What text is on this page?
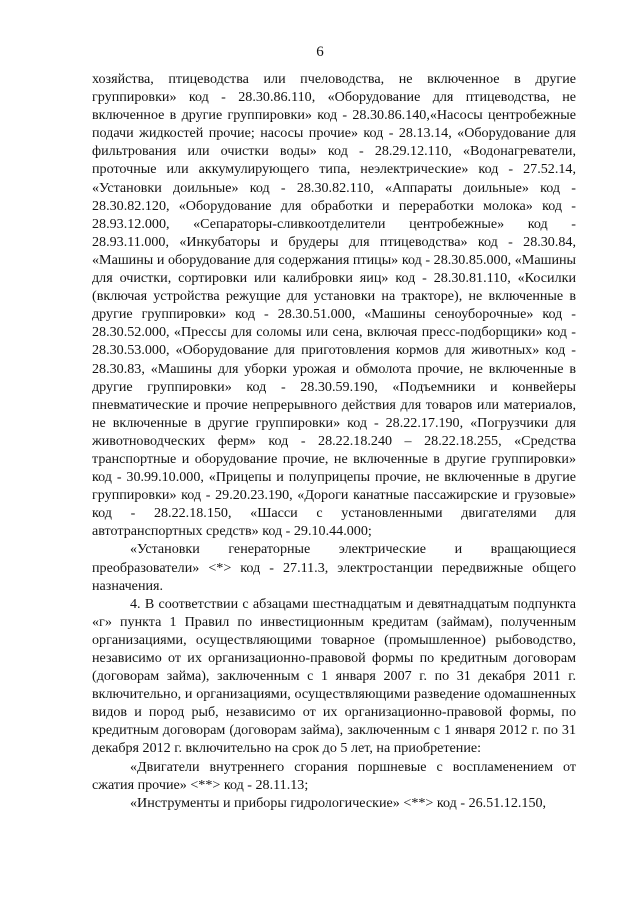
6

хозяйства, птицеводства или пчеловодства, не включенное в другие группировки» код - 28.30.86.110, «Оборудование для птицеводства, не включенное в другие группировки» код - 28.30.86.140,«Насосы центробежные подачи жидкостей прочие; насосы прочие» код - 28.13.14, «Оборудование для фильтрования или очистки воды» код - 28.29.12.110, «Водонагреватели, проточные или аккумулирующего типа, неэлектрические» код - 27.52.14, «Установки доильные» код - 28.30.82.110, «Аппараты доильные» код - 28.30.82.120, «Оборудование для обработки и переработки молока» код - 28.93.12.000, «Сепараторы-сливкоотделители центробежные» код - 28.93.11.000, «Инкубаторы и брудеры для птицеводства» код - 28.30.84, «Машины и оборудование для содержания птицы» код - 28.30.85.000, «Машины для очистки, сортировки или калибровки яиц» код - 28.30.81.110, «Косилки (включая устройства режущие для установки на тракторе), не включенные в другие группировки» код - 28.30.51.000, «Машины сеноуборочные» код - 28.30.52.000, «Прессы для соломы или сена, включая пресс-подборщики» код - 28.30.53.000, «Оборудование для приготовления кормов для животных» код - 28.30.83, «Машины для уборки урожая и обмолота прочие, не включенные в другие группировки» код - 28.30.59.190, «Подъемники и конвейеры пневматические и прочие непрерывного действия для товаров или материалов, не включенные в другие группировки» код - 28.22.17.190, «Погрузчики для животноводческих ферм» код - 28.22.18.240 – 28.22.18.255, «Средства транспортные и оборудование прочие, не включенные в другие группировки» код - 30.99.10.000, «Прицепы и полуприцепы прочие, не включенные в другие группировки» код - 29.20.23.190, «Дороги канатные пассажирские и грузовые» код - 28.22.18.150, «Шасси с установленными двигателями для автотранспортных средств» код - 29.10.44.000;

«Установки генераторные электрические и вращающиеся преобразователи» <*> код - 27.11.3, электростанции передвижные общего назначения.

4. В соответствии с абзацами шестнадцатым и девятнадцатым подпункта «г» пункта 1 Правил по инвестиционным кредитам (займам), полученным организациями, осуществляющими товарное (промышленное) рыбоводство, независимо от их организационно-правовой формы по кредитным договорам (договорам займа), заключенным с 1 января 2007 г. по 31 декабря 2011 г. включительно, и организациями, осуществляющими разведение одомашненных видов и пород рыб, независимо от их организационно-правовой формы, по кредитным договорам (договорам займа), заключенным с 1 января 2012 г. по 31 декабря 2012 г. включительно на срок до 5 лет, на приобретение:

«Двигатели внутреннего сгорания поршневые с воспламенением от сжатия прочие» <**> код - 28.11.13;

«Инструменты и приборы гидрологические» <**> код - 26.51.12.150,
